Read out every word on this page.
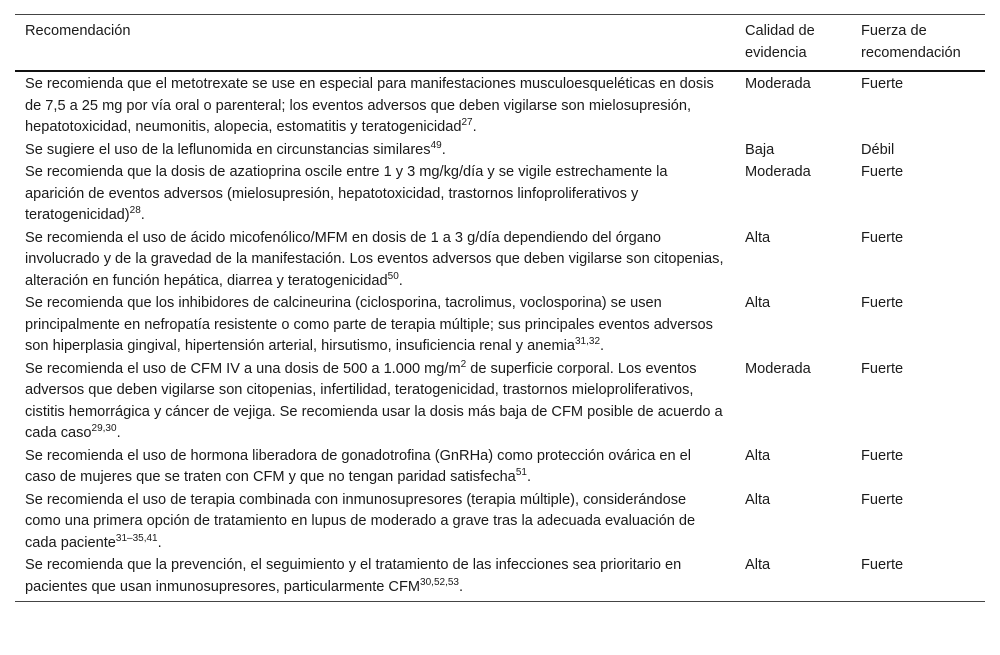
Recomendación	Calidad de evidencia	Fuerza de recomendación
Se recomienda que el metotrexate se use en especial para manifestaciones musculoesqueléticas en dosis de 7,5 a 25 mg por vía oral o parenteral; los eventos adversos que deben vigilarse son mielosupresión, hepatotoxicidad, neumonitis, alopecia, estomatitis y teratogenicidad$^{27}$.	Moderada	Fuerte
Se sugiere el uso de la leflunomida en circunstancias similares$^{49}$.	Baja	Débil
Se recomienda que la dosis de azatioprina oscile entre 1 y 3 mg/kg/día y se vigile estrechamente la aparición de eventos adversos (mielosupresión, hepatotoxicidad, trastornos linfoproliferativos y teratogenicidad)$^{28}$.	Moderada	Fuerte
Se recomienda el uso de ácido micofenólico/MFM en dosis de 1 a 3 g/día dependiendo del órgano involucrado y de la gravedad de la manifestación. Los eventos adversos que deben vigilarse son citopenias, alteración en función hepática, diarrea y teratogenicidad$^{50}$.	Alta	Fuerte
Se recomienda que los inhibidores de calcineurina (ciclosporina, tacrolimus, voclosporina) se usen principalmente en nefropatía resistente o como parte de terapia múltiple; sus principales eventos adversos son hiperplasia gingival, hipertensión arterial, hirsutismo, insuficiencia renal y anemia$^{31,32}$.	Alta	Fuerte
Se recomienda el uso de CFM IV a una dosis de 500 a 1.000 $mg/m^2$ de superficie corporal. Los eventos adversos que deben vigilarse son citopenias, infertilidad, teratogenicidad, trastornos mieloproliferativos, cistitis hemorrágica y cáncer de vejiga. Se recomienda usar la dosis más baja de CFM posible de acuerdo a cada caso$^{29,30}$.	Moderada	Fuerte
Se recomienda el uso de hormona liberadora de gonadotrofina (GnRHa) como protección ovárica en el caso de mujeres que se traten con CFM y que no tengan paridad satisfecha$^{51}$.	Alta	Fuerte
Se recomienda el uso de terapia combinada con inmunosupresores (terapia múltiple), considerándose como una primera opción de tratamiento en lupus de moderado a grave tras la adecuada evaluación de cada paciente$^{31-35,41}$.	Alta	Fuerte
Se recomienda que la prevención, el seguimiento y el tratamiento de las infecciones sea prioritario en pacientes que usan inmunosupresores, particularmente CFM$^{30,52,53}$.	Alta	Fuerte
